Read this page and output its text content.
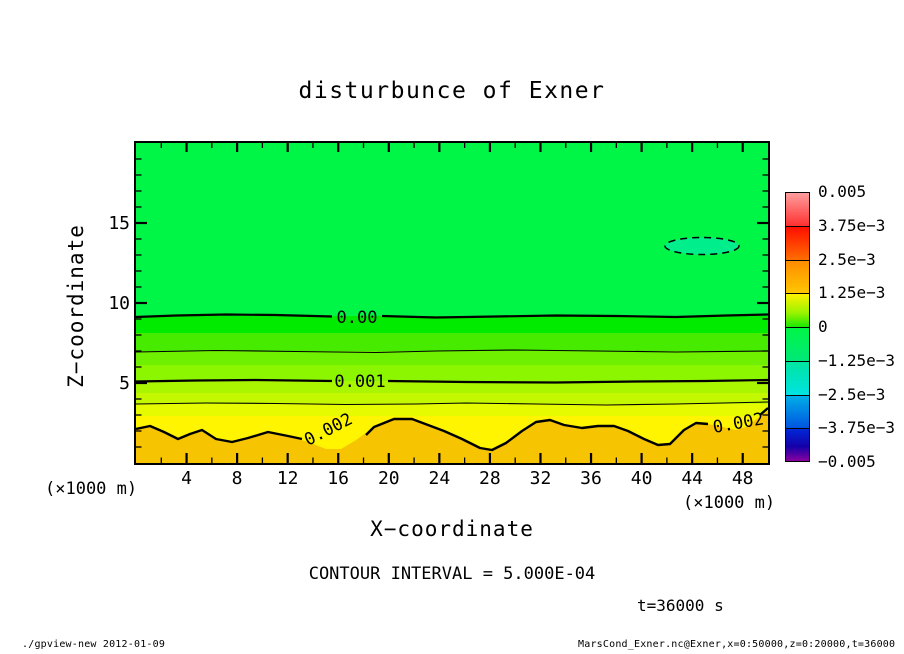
disturbunce of Exner
0.00
0.001
0.002	0.002
5
10
15
4 8 12 16 20 24 28 32 36 40 44 48
(×1000 m)
(×1000 m)
Z−coordinate
X−coordinate
0.005
3.75e−3
2.5e−3
1.25e−3
0
−1.25e−3
−2.5e−3
−3.75e−3
−0.005
CONTOUR INTERVAL = 5.000E-04
t=36000 s
./gpview-new 2012-01-09	MarsCond_Exner.nc@Exner,x=0:50000,z=0:20000,t=36000
